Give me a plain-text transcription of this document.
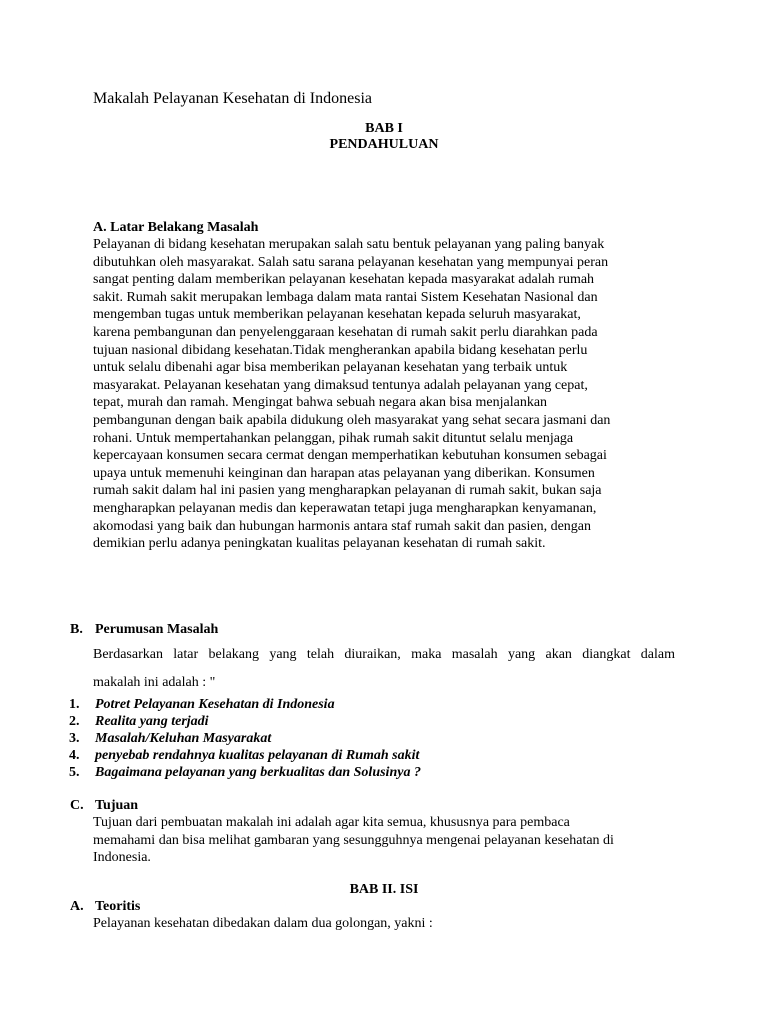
Makalah Pelayanan Kesehatan di Indonesia
BAB I
PENDAHULUAN
A. Latar Belakang Masalah
Pelayanan di bidang kesehatan merupakan salah satu bentuk pelayanan yang paling banyak
dibutuhkan oleh masyarakat. Salah satu sarana pelayanan kesehatan yang mempunyai peran
sangat penting dalam memberikan pelayanan kesehatan kepada masyarakat adalah rumah
sakit. Rumah sakit merupakan lembaga dalam mata rantai Sistem Kesehatan Nasional dan
mengemban tugas untuk memberikan pelayanan kesehatan kepada seluruh masyarakat,
karena pembangunan dan penyelenggaraan kesehatan di rumah sakit perlu diarahkan pada
tujuan nasional dibidang kesehatan.Tidak mengherankan apabila bidang kesehatan perlu
untuk selalu dibenahi agar bisa memberikan pelayanan kesehatan yang terbaik untuk
masyarakat. Pelayanan kesehatan yang dimaksud tentunya adalah pelayanan yang cepat,
tepat, murah dan ramah. Mengingat bahwa sebuah negara akan bisa menjalankan
pembangunan dengan baik apabila didukung oleh masyarakat yang sehat secara jasmani dan
rohani. Untuk mempertahankan pelanggan, pihak rumah sakit dituntut selalu menjaga
kepercayaan konsumen secara cermat dengan memperhatikan kebutuhan konsumen sebagai
upaya untuk memenuhi keinginan dan harapan atas pelayanan yang diberikan. Konsumen
rumah sakit dalam hal ini pasien yang mengharapkan pelayanan di rumah sakit, bukan saja
mengharapkan pelayanan medis dan keperawatan tetapi juga mengharapkan kenyamanan,
akomodasi yang baik dan hubungan harmonis antara staf rumah sakit dan pasien, dengan
demikian perlu adanya peningkatan kualitas pelayanan kesehatan di rumah sakit.
B. Perumusan Masalah
Berdasarkan latar belakang yang telah diuraikan, maka masalah yang akan diangkat dalam
makalah ini adalah : "
1. Potret Pelayanan Kesehatan di Indonesia
2. Realita yang terjadi
3. Masalah/Keluhan Masyarakat
4. penyebab rendahnya kualitas pelayanan di Rumah sakit
5. Bagaimana pelayanan yang berkualitas dan Solusinya ?
C. Tujuan
Tujuan dari pembuatan makalah ini adalah agar kita semua, khususnya para pembaca
memahami dan bisa melihat gambaran yang sesungguhnya mengenai pelayanan kesehatan di
Indonesia.
BAB II. ISI
A. Teoritis
Pelayanan kesehatan dibedakan dalam dua golongan, yakni :
